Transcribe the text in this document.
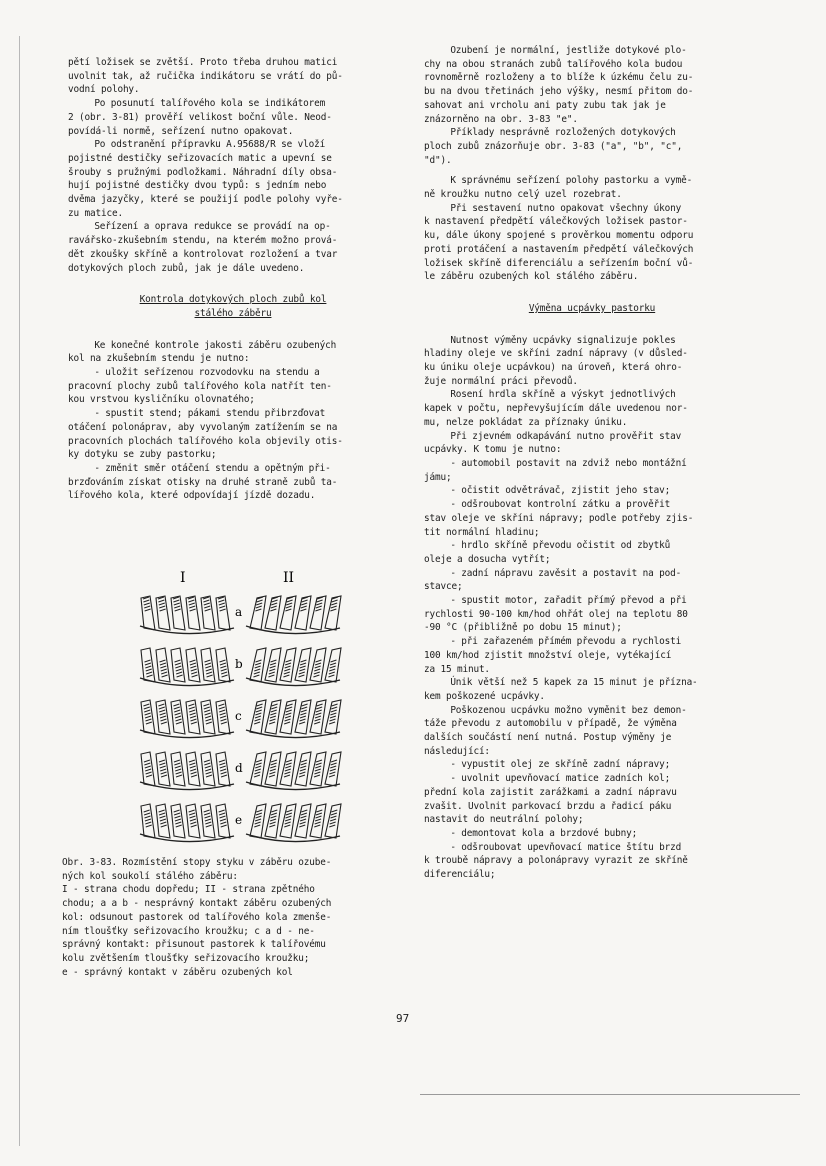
pětí ložisek se zvětší. Proto třeba druhou matici

uvolnit tak, až ručička indikátoru se vrátí do pů-

vodní polohy.

Po posunutí talířového kola se indikátorem

2 (obr. 3-81) prověří velikost boční vůle. Neod-

povídá-li normě, seřízení nutno opakovat.

Po odstranění přípravku A.95688/R se vloží

pojistné destičky seřizovacích matic a upevní se

šrouby s pružnými podložkami. Náhradní díly obsa-

hují pojistné destičky dvou typů: s jedním nebo

dvěma jazyčky, které se použijí podle polohy vyře-

zu matice.

Seřízení a oprava redukce se provádí na op-

ravářsko-zkušebním stendu, na kterém možno prová-

dět zkoušky skříně a kontrolovat rozložení a tvar

dotykových ploch zubů, jak je dále uvedeno.

Kontrola dotykových ploch zubů kol

stálého záběru

Ke konečné kontrole jakosti záběru ozubených

kol na zkušebním stendu je nutno:

- uložit seřízenou rozvodovku na stendu a

pracovní plochy zubů talířového kola natřít ten-

kou vrstvou kysličníku olovnatého;

- spustit stend; pákami stendu přibrzďovat

otáčení polonáprav, aby vyvolaným zatížením se na

pracovních plochách talířového kola objevily otis-

ky dotyku se zuby pastorku;

- změnit směr otáčení stendu a opětným při-

brzďováním získat otisky na druhé straně zubů ta-

lířového kola, které odpovídají jízdě dozadu.

I	II
a
b
c
d
e

Obr. 3-83. Rozmístění stopy styku v záběru ozube-

ných kol soukolí stálého záběru:

I - strana chodu dopředu; II - strana zpětného

chodu; a a b - nesprávný kontakt záběru ozubených

kol: odsunout pastorek od talířového kola zmenše-

ním tloušťky seřizovacího kroužku; c a d - ne-

správný kontakt: přisunout pastorek k talířovému

kolu zvětšením tloušťky seřizovacího kroužku;

e - správný kontakt v záběru ozubených kol

Ozubení je normální, jestliže dotykové plo-

chy na obou stranách zubů talířového kola budou

rovnoměrně rozloženy a to blíže k úzkému čelu zu-

bu na dvou třetinách jeho výšky, nesmí přitom do-

sahovat ani vrcholu ani paty zubu tak jak je

znázorněno na obr. 3-83 "e".

Příklady nesprávně rozložených dotykových

ploch zubů znázorňuje obr. 3-83 ("a", "b", "c",

"d").

K správnému seřízení polohy pastorku a vymě-

ně kroužku nutno celý uzel rozebrat.

Při sestavení nutno opakovat všechny úkony

k nastavení předpětí válečkových ložisek pastor-

ku, dále úkony spojené s prověrkou momentu odporu

proti protáčení a nastavením předpětí válečkových

ložisek skříně diferenciálu a seřízením boční vů-

le záběru ozubených kol stálého záběru.

Výměna ucpávky pastorku

Nutnost výměny ucpávky signalizuje pokles

hladiny oleje ve skříni zadní nápravy (v důsled-

ku úniku oleje ucpávkou) na úroveň, která ohro-

žuje normální práci převodů.

Rosení hrdla skříně a výskyt jednotlivých

kapek v počtu, nepřevyšujícím dále uvedenou nor-

mu, nelze pokládat za příznaky úniku.

Při zjevném odkapávání nutno prověřit stav

ucpávky. K tomu je nutno:

- automobil postavit na zdviž nebo montážní

jámu;

- očistit odvětrávač, zjistit jeho stav;

- odšroubovat kontrolní zátku a prověřit

stav oleje ve skříni nápravy; podle potřeby zjis-

tit normální hladinu;

- hrdlo skříně převodu očistit od zbytků

oleje a dosucha vytřít;

- zadní nápravu zavěsit a postavit na pod-

stavce;

- spustit motor, zařadit přímý převod a při

rychlosti 90-100 km/hod ohřát olej na teplotu 80

-90 °C (přibližně po dobu 15 minut);

- při zařazeném přímém převodu a rychlosti

100 km/hod zjistit množství oleje, vytékající

za 15 minut.

Únik větší než 5 kapek za 15 minut je přízna-

kem poškozené ucpávky.

Poškozenou ucpávku možno vyměnit bez demon-

táže převodu z automobilu v případě, že výměna

dalších součástí není nutná. Postup výměny je

následující:

- vypustit olej ze skříně zadní nápravy;

- uvolnit upevňovací matice zadních kol;

přední kola zajistit zarážkami a zadní nápravu

zvašit. Uvolnit parkovací brzdu a řadicí páku

nastavit do neutrální polohy;

- demontovat kola a brzdové bubny;

- odšroubovat upevňovací matice štítu brzd

k troubě nápravy a polonápravy vyrazit ze skříně

diferenciálu;

97
